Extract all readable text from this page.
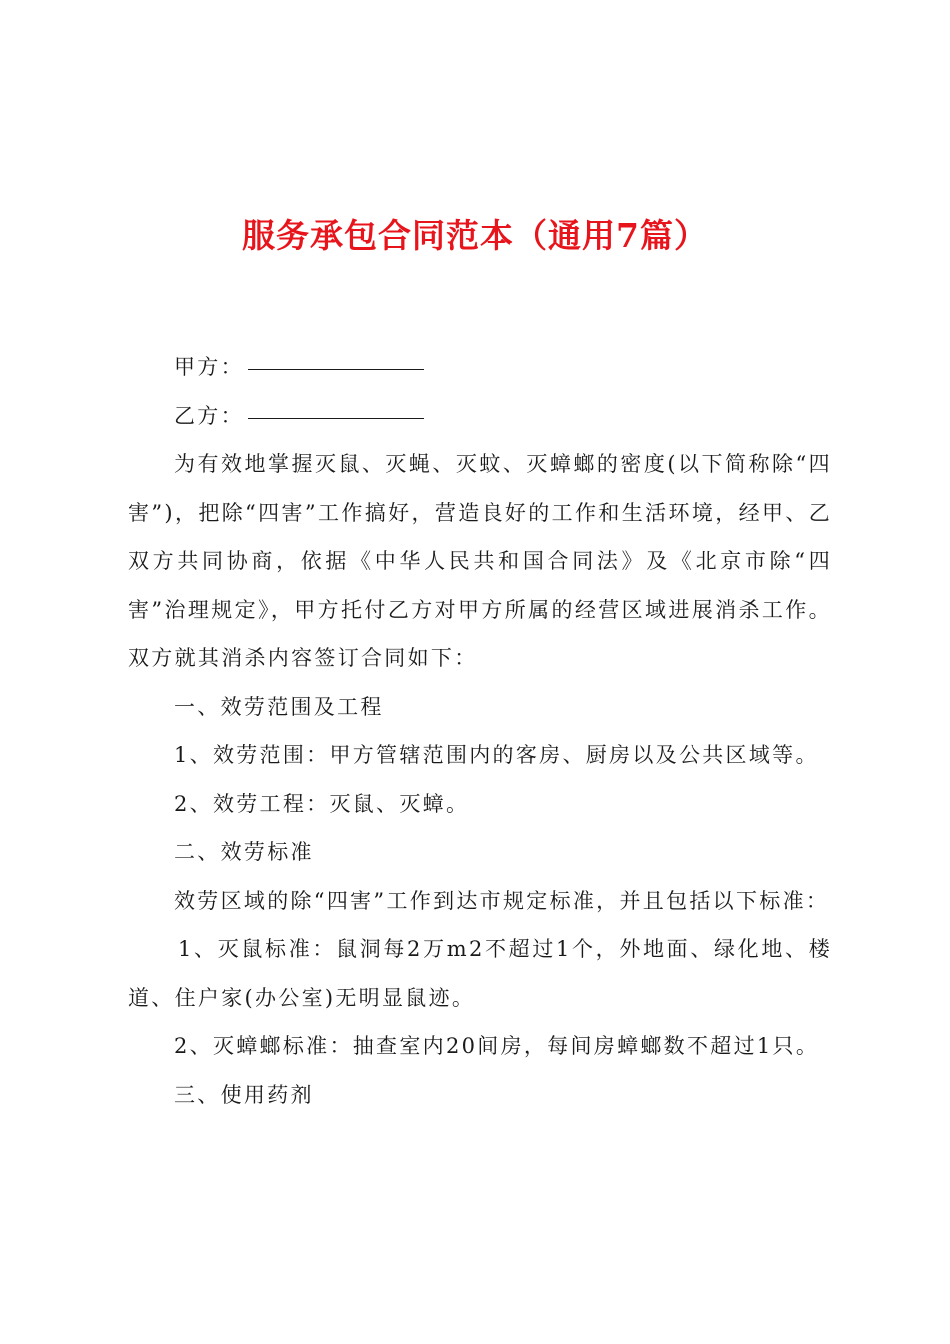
服务承包合同范本（通用7篇）
甲方：
乙方：
为有效地掌握灭鼠、灭蝇、灭蚊、灭蟑螂的密度(以下简称除“四害”)，把除“四害”工作搞好，营造良好的工作和生活环境，经甲、乙双方共同协商，依据《中华人民共和国合同法》及《北京市除“四害”治理规定》，甲方托付乙方对甲方所属的经营区域进展消杀工作。双方就其消杀内容签订合同如下：
一、效劳范围及工程
1、效劳范围：甲方管辖范围内的客房、厨房以及公共区域等。
2、效劳工程：灭鼠、灭蟑。
二、效劳标准
效劳区域的除“四害”工作到达市规定标准，并且包括以下标准：
1、灭鼠标准：鼠洞每2万m2不超过1个，外地面、绿化地、楼道、住户家(办公室)无明显鼠迹。
2、灭蟑螂标准：抽查室内20间房，每间房蟑螂数不超过1只。
三、使用药剂
